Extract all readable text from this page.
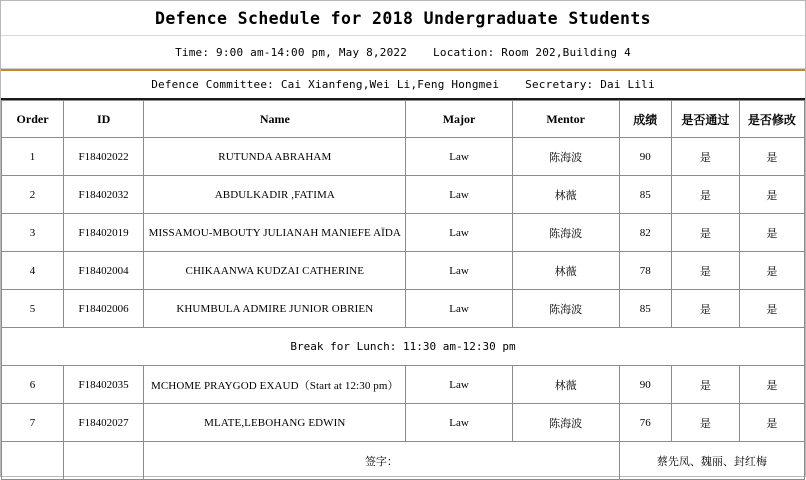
Defence Schedule for 2018 Undergraduate Students
Time: 9:00 am-14:00 pm, May 8,2022 Location: Room 202,Building 4
Defence Committee: Cai Xianfeng,Wei Li,Feng Hongmei Secretary: Dai Lili
Order	ID	Name	Major	Mentor	成绩	是否通过	是否修改
1	F18402022	RUTUNDA ABRAHAM	Law	陈海波	90	是	是
2	F18402032	ABDULKADIR ,FATIMA	Law	林薇	85	是	是
3	F18402019	MISSAMOU-MBOUTY JULIANAH MANIEFE AÏDA	Law	陈海波	82	是	是
4	F18402004	CHIKAANWA KUDZAI CATHERINE	Law	林薇	78	是	是
5	F18402006	KHUMBULA ADMIRE JUNIOR OBRIEN	Law	陈海波	85	是	是
Break for Lunch: 11:30 am-12:30 pm							
6	F18402035	MCHOME PRAYGOD EXAUD（Start at 12:30 pm）	Law	林薇	90	是	是
7	F18402027	MLATE,LEBOHANG EDWIN	Law	陈海波	76	是	是
		签字：			蔡先凤、魏丽、封红梅		
